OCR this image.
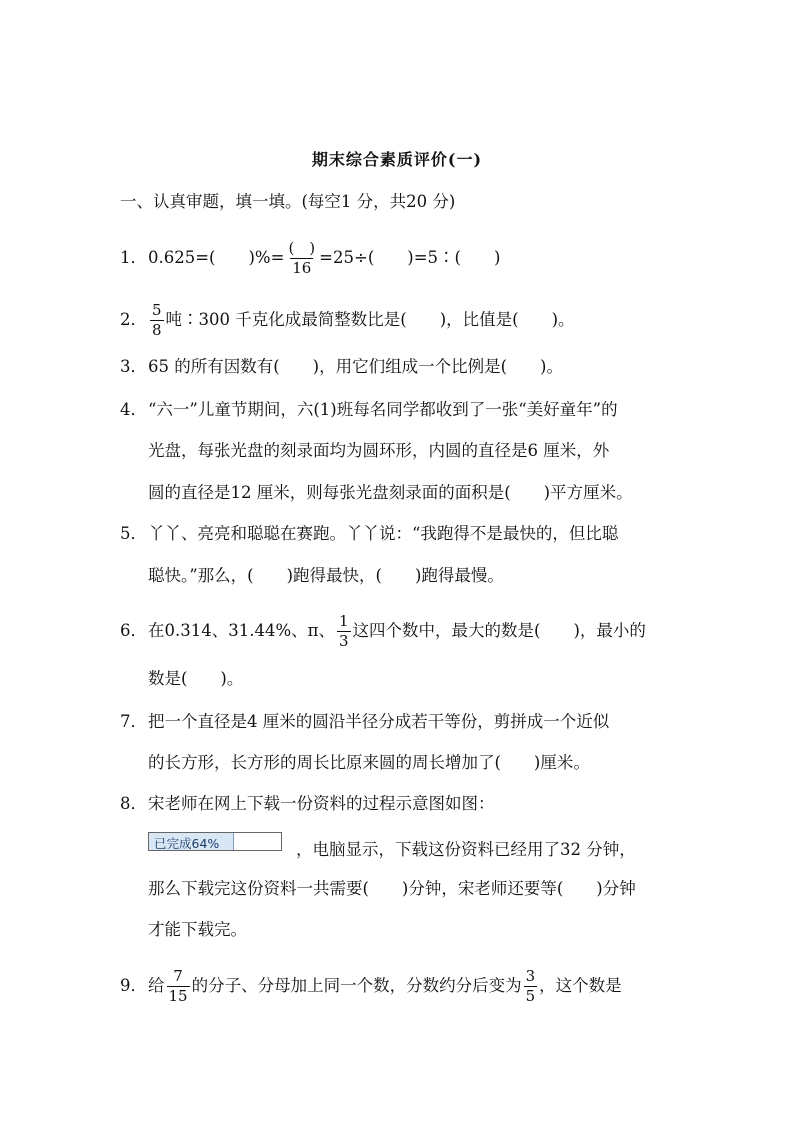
期末综合素质评价(一)
一、认真审题，填一填。(每空1 分，共20 分)
1．0.625=(　　)%= $\frac{( )}{16} =25\div$(　　)=5∶(　　)
2． $\frac{5}{8}$ 吨∶300 千克化成最简整数比是(　　)，比值是(　　)。
3．65 的所有因数有(　　)，用它们组成一个比例是(　　)。
4．“六一”儿童节期间，六(1)班每名同学都收到了一张“美好童年”的
光盘，每张光盘的刻录面均为圆环形，内圆的直径是6 厘米，外
圆的直径是12 厘米，则每张光盘刻录面的面积是(　　)平方厘米。
5．丫丫、亮亮和聪聪在赛跑。丫丫说：“我跑得不是最快的，但比聪
聪快。”那么，(　　)跑得最快，(　　)跑得最慢。
6．在0.314、31.44%、π、 $\frac{1}{3}$ 这四个数中，最大的数是(　　)，最小的
数是(　　)。
7．把一个直径是4 厘米的圆沿半径分成若干等份，剪拼成一个近似
的长方形，长方形的周长比原来圆的周长增加了(　　)厘米。
8．宋老师在网上下载一份资料的过程示意图如图：
已完成64%	，电脑显示，下载这份资料已经用了32 分钟，
那么下载完这份资料一共需要(　　)分钟，宋老师还要等(　　)分钟
才能下载完。
9．给 $\frac{7}{15}$ 的分子、分母加上同一个数，分数约分后变为 $\frac{3}{5}$ ，这个数是
